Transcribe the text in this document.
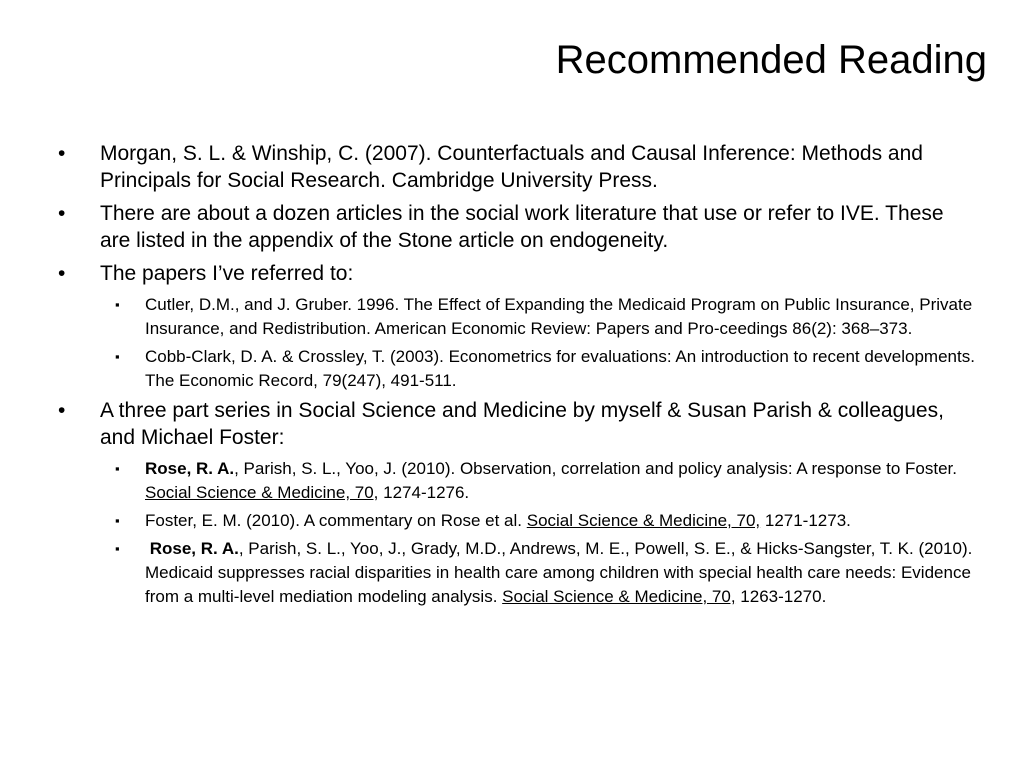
Recommended Reading
•	Morgan, S. L. & Winship, C. (2007). Counterfactuals and Causal Inference: Methods and Principals for Social Research. Cambridge University Press.
•	There are about a dozen articles in the social work literature that use or refer to IVE. These are listed in the appendix of the Stone article on endogeneity.
•	The papers I’ve referred to:
▪ Cutler, D.M., and J. Gruber. 1996. The Effect of Expanding the Medicaid Program on Public Insurance, Private Insurance, and Redistribution. American Economic Review: Papers and Pro-ceedings 86(2): 368–373.
▪ Cobb-Clark, D. A. & Crossley, T. (2003). Econometrics for evaluations: An introduction to recent developments. The Economic Record, 79(247), 491-511.
•	A three part series in Social Science and Medicine by myself & Susan Parish & colleagues, and Michael Foster:
▪ Rose, R. A., Parish, S. L., Yoo, J. (2010). Observation, correlation and policy analysis: A response to Foster. Social Science & Medicine, 70, 1274-1276.
▪ Foster, E. M. (2010). A commentary on Rose et al. Social Science & Medicine, 70, 1271-1273.
▪ Rose, R. A., Parish, S. L., Yoo, J., Grady, M.D., Andrews, M. E., Powell, S. E., & Hicks-Sangster, T. K. (2010). Medicaid suppresses racial disparities in health care among children with special health care needs: Evidence from a multi-level mediation modeling analysis. Social Science & Medicine, 70, 1263-1270.
